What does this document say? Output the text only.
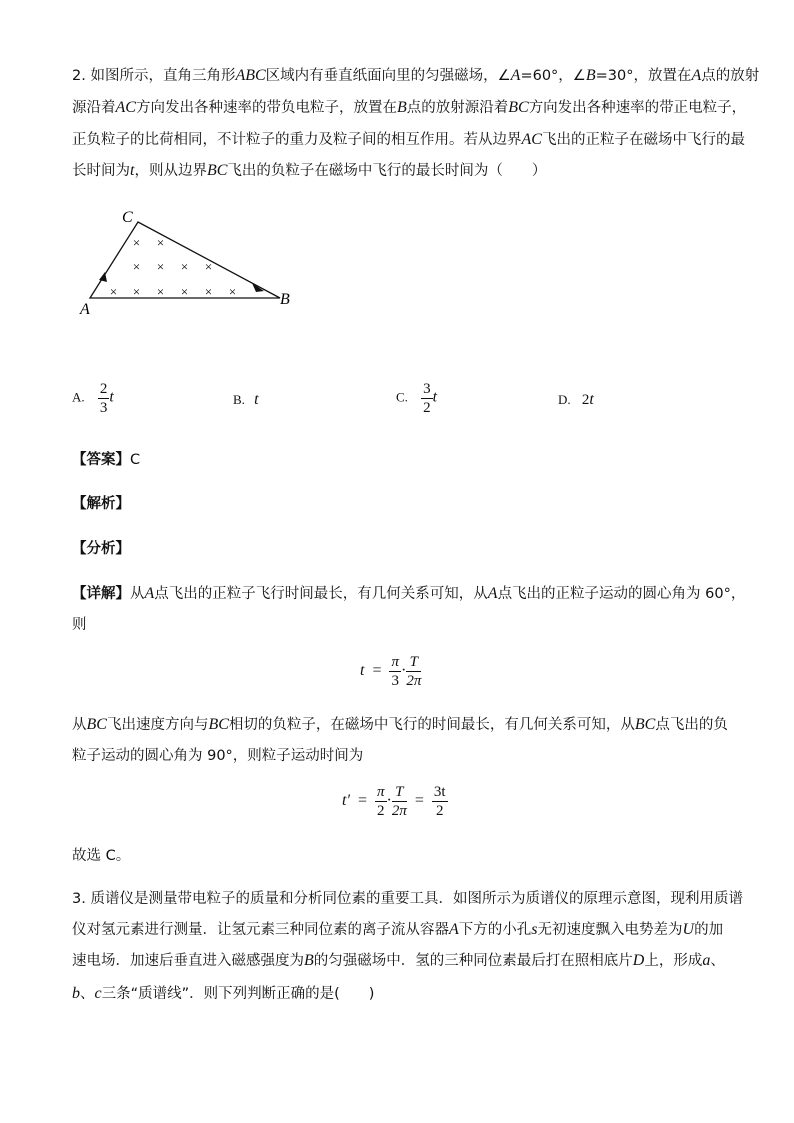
2. 如图所示，直角三角形ABC区域内有垂直纸面向里的匀强磁场，∠A=60°，∠B=30°，放置在A点的放射
源沿着AC方向发出各种速率的带负电粒子，放置在B点的放射源沿着BC方向发出各种速率的带正电粒子，
正负粒子的比荷相同，不计粒子的重力及粒子间的相互作用。若从边界AC飞出的正粒子在磁场中飞行的最
长时间为t，则从边界BC飞出的负粒子在磁场中飞行的最长时间为（　　）
A
B
C
× ×
× × × ×
× × × × × ×
A. $\frac{2}{3}$ t	B. t	C. $\frac{3}{2}$ t	D. 2t
【答案】C
【解析】
【分析】
【详解】从A点飞出的正粒子飞行时间最长，有几何关系可知，从A点飞出的正粒子运动的圆心角为 60°，
则
$t = \frac{\pi}{3} \cdot \frac{T}{2\pi}$
从BC飞出速度方向与BC相切的负粒子，在磁场中飞行的时间最长，有几何关系可知，从BC点飞出的负
粒子运动的圆心角为 90°，则粒子运动时间为
$t' = \frac{\pi}{2} \cdot \frac{T}{2\pi} = \frac{3t}{2}$
故选 C。
3. 质谱仪是测量带电粒子的质量和分析同位素的重要工具．如图所示为质谱仪的原理示意图，现利用质谱
仪对氢元素进行测量．让氢元素三种同位素的离子流从容器A下方的小孔s无初速度飘入电势差为U的加
速电场．加速后垂直进入磁感强度为B的匀强磁场中．氢的三种同位素最后打在照相底片D上，形成a、
b、c三条“质谱线”．则下列判断正确的是(　　)
